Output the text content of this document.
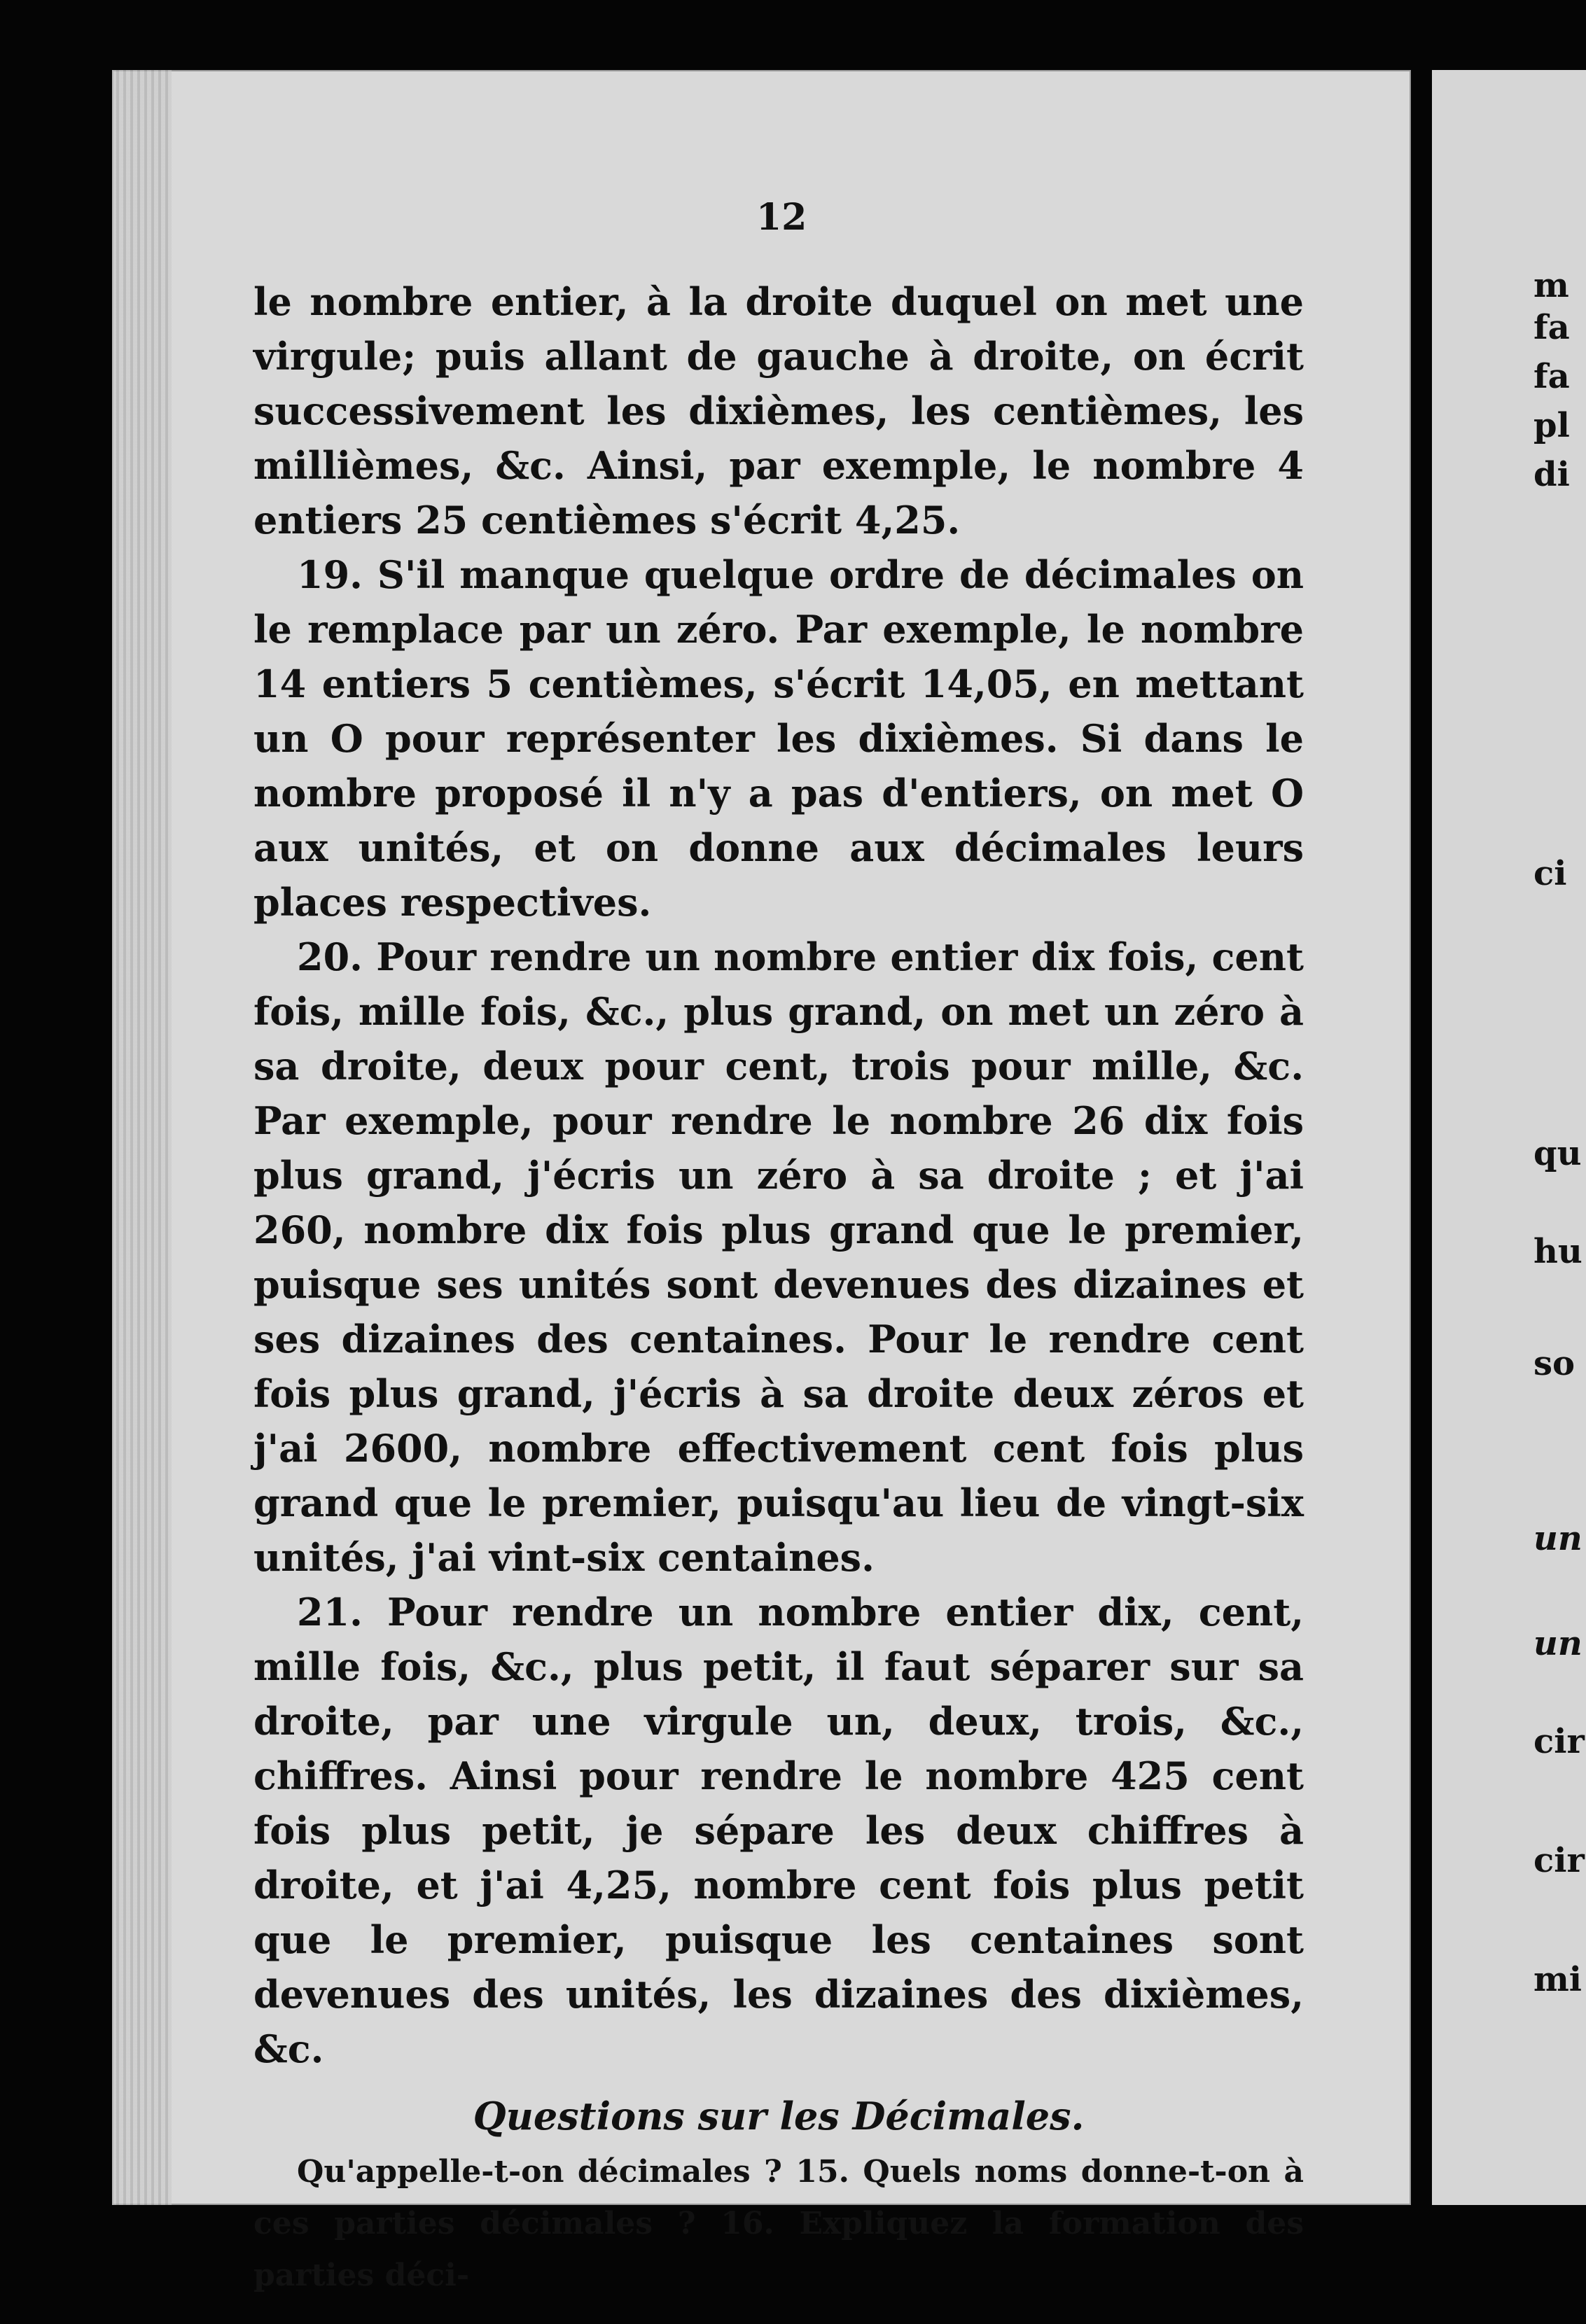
12

le nombre entier, à la droite duquel on met une virgule; puis allant de gauche à droite, on écrit successivement les dixièmes, les centièmes, les millièmes, &c. Ainsi, par exemple, le nombre 4 entiers 25 centièmes s'écrit 4,25.

19. S'il manque quelque ordre de décimales on le remplace par un zéro. Par exemple, le nombre 14 entiers 5 centièmes, s'écrit 14,05, en mettant un O pour représenter les dixièmes. Si dans le nombre proposé il n'y a pas d'entiers, on met O aux unités, et on donne aux décimales leurs places respectives.

20. Pour rendre un nombre entier dix fois, cent fois, mille fois, &c., plus grand, on met un zéro à sa droite, deux pour cent, trois pour mille, &c. Par exemple, pour rendre le nombre 26 dix fois plus grand, j'écris un zéro à sa droite ; et j'ai 260, nombre dix fois plus grand que le premier, puisque ses unités sont devenues des dizaines et ses dizaines des centaines. Pour le rendre cent fois plus grand, j'écris à sa droite deux zéros et j'ai 2600, nombre effectivement cent fois plus grand que le premier, puisqu'au lieu de vingt-six unités, j'ai vint-six centaines.

21. Pour rendre un nombre entier dix, cent, mille fois, &c., plus petit, il faut séparer sur sa droite, par une virgule un, deux, trois, &c., chiffres. Ainsi pour rendre le nombre 425 cent fois plus petit, je sépare les deux chiffres à droite, et j'ai 4,25, nombre cent fois plus petit que le premier, puisque les centaines sont devenues des unités, les dizaines des dixièmes, &c.

Questions sur les Décimales.

Qu'appelle-t-on décimales ? 15. Quels noms donne-t-on à ces parties décimales ? 16. Expliquez la formation des parties déci-

m
fa
fa
pl
di
ci
qu
hu
so
un
un
cir
cir
mi
